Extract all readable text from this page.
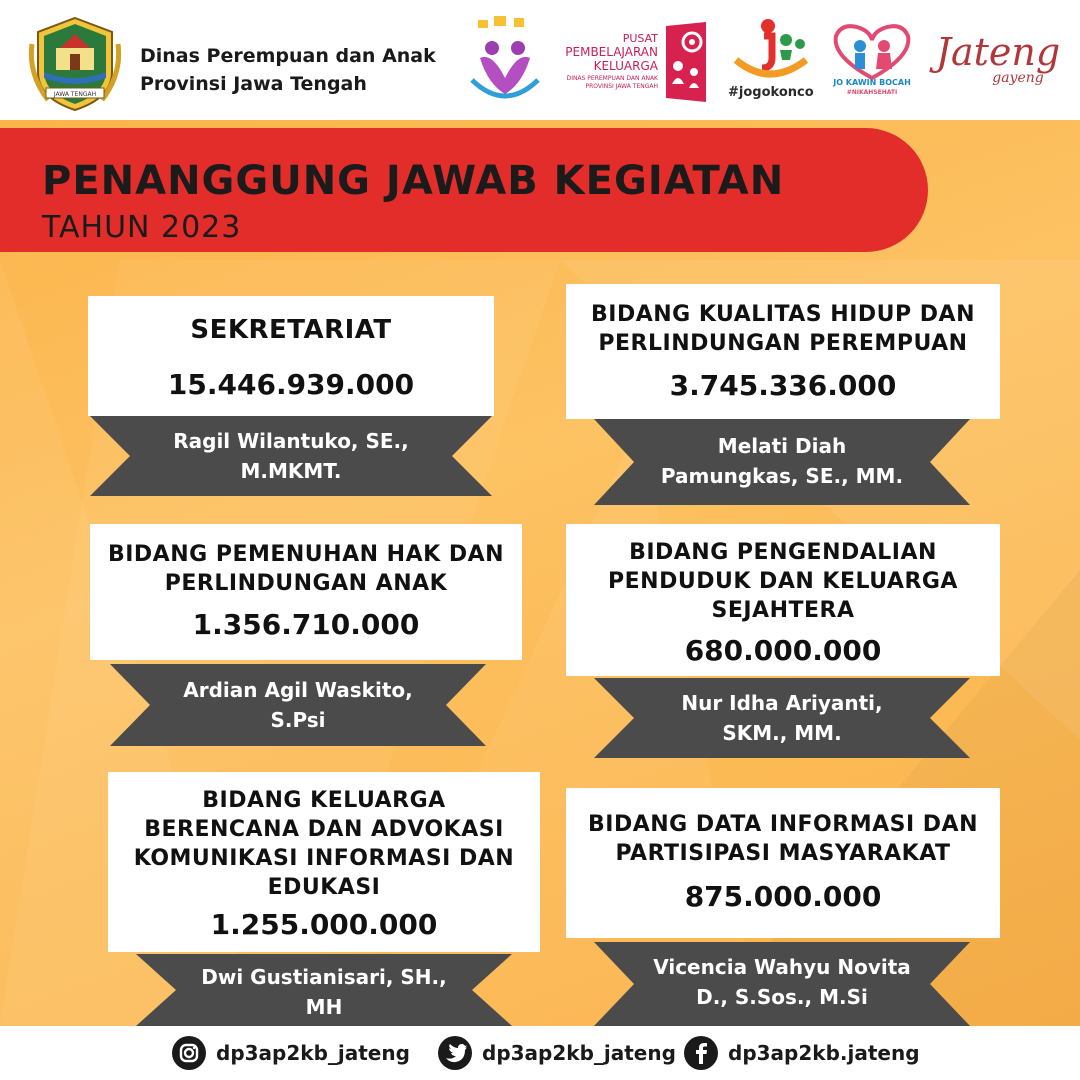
JAWA TENGAH
Dinas Perempuan dan Anak
Provinsi Jawa Tengah
PUSAT
PEMBELAJARAN
KELUARGA
DINAS PEREMPUAN DAN ANAK
PROVINSI JAWA TENGAH	#jogokonco
JO KAWIN BOCAH
#NIKAHSEHATI
Jateng
gayeng
PENANGGUNG JAWAB KEGIATAN
TAHUN 2023
SEKRETARIAT
15.446.939.000
Ragil Wilantuko, SE.,
M.MKMT.
BIDANG KUALITAS HIDUP DAN
PERLINDUNGAN PEREMPUAN
3.745.336.000
Melati Diah
Pamungkas, SE., MM.
BIDANG PEMENUHAN HAK DAN
PERLINDUNGAN ANAK
1.356.710.000
Ardian Agil Waskito,
S.Psi
BIDANG PENGENDALIAN
PENDUDUK DAN KELUARGA
SEJAHTERA
680.000.000
Nur Idha Ariyanti,
SKM., MM.
BIDANG KELUARGA
BERENCANA DAN ADVOKASI
KOMUNIKASI INFORMASI DAN
EDUKASI
1.255.000.000
Dwi Gustianisari, SH.,
MH
BIDANG DATA INFORMASI DAN
PARTISIPASI MASYARAKAT
875.000.000
Vicencia Wahyu Novita
D., S.Sos., M.Si
dp3ap2kb_jateng	dp3ap2kb_jateng	dp3ap2kb.jateng
